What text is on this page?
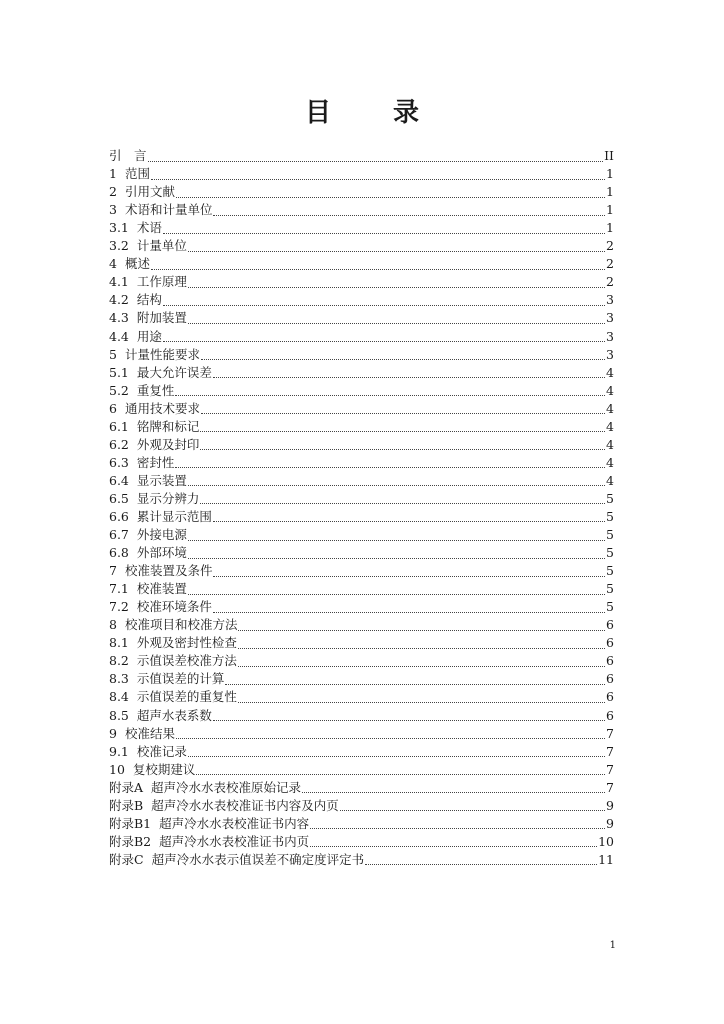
目 录
引　言	II
1 范围	1
2 引用文献	1
3 术语和计量单位	1
3.1 术语	1
3.2 计量单位	2
4 概述	2
4.1 工作原理	2
4.2 结构	3
4.3 附加装置	3
4.4 用途	3
5 计量性能要求	3
5.1 最大允许误差	4
5.2 重复性	4
6 通用技术要求	4
6.1 铭牌和标记	4
6.2 外观及封印	4
6.3 密封性	4
6.4 显示装置	4
6.5 显示分辨力	5
6.6 累计显示范围	5
6.7 外接电源	5
6.8 外部环境	5
7 校准装置及条件	5
7.1 校准装置	5
7.2 校准环境条件	5
8 校准项目和校准方法	6
8.1 外观及密封性检查	6
8.2 示值误差校准方法	6
8.3 示值误差的计算	6
8.4 示值误差的重复性	6
8.5 超声水表系数	6
9 校准结果	7
9.1 校准记录	7
10 复校期建议	7
附录A 超声冷水水表校准原始记录	7
附录B 超声冷水水表校准证书内容及内页	9
附录B1 超声冷水水表校准证书内容	9
附录B2 超声冷水水表校准证书内页	10
附录C 超声冷水水表示值误差不确定度评定书	11
1
